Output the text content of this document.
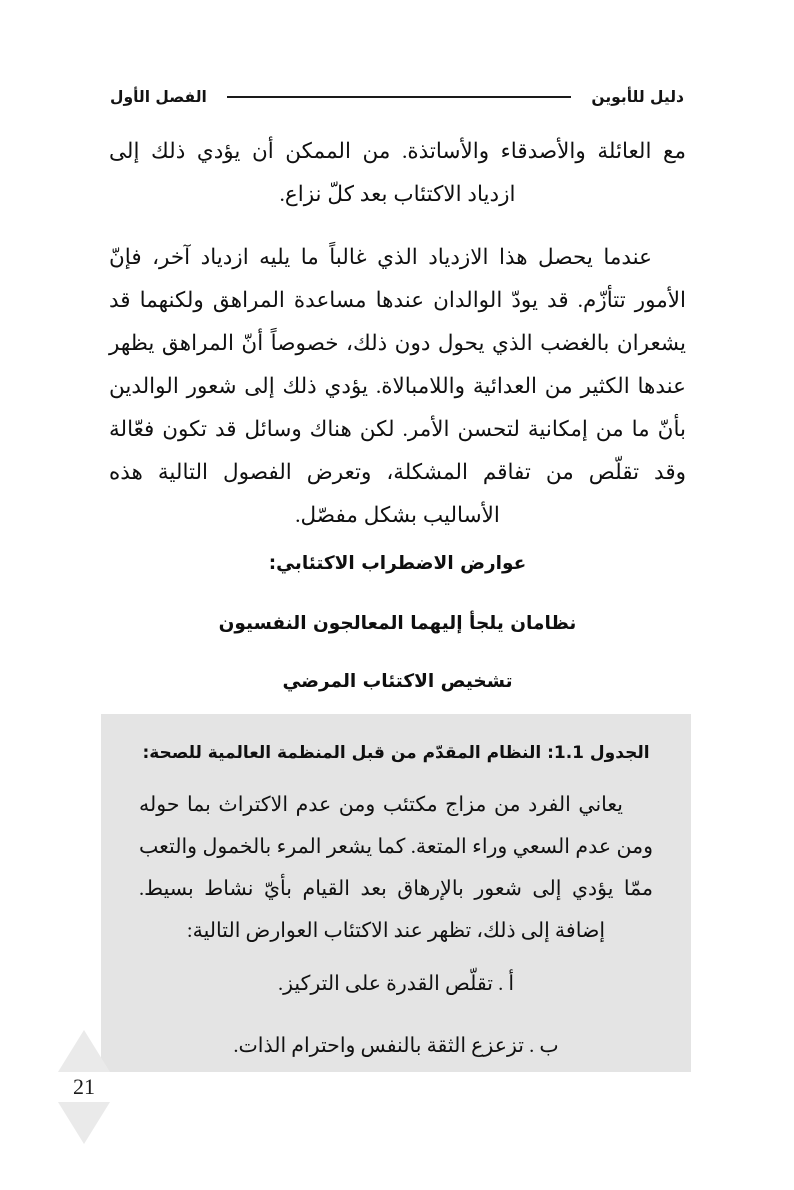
دليل للأبوين
الفصل الأول

مع العائلة والأصدقاء والأساتذة. من الممكن أن يؤدي ذلك إلى ازدياد الاكتئاب بعد كلّ نزاع.

عندما يحصل هذا الازدياد الذي غالباً ما يليه ازدياد آخر، فإنّ الأمور تتأزّم. قد يودّ الوالدان عندها مساعدة المراهق ولكنهما قد يشعران بالغضب الذي يحول دون ذلك، خصوصاً أنّ المراهق يظهر عندها الكثير من العدائية واللامبالاة. يؤدي ذلك إلى شعور الوالدين بأنّ ما من إمكانية لتحسن الأمر. لكن هناك وسائل قد تكون فعّالة وقد تقلّص من تفاقم المشكلة، وتعرض الفصول التالية هذه الأساليب بشكل مفصّل.

عوارض الاضطراب الاكتئابي:
نظامان يلجأ إليهما المعالجون النفسيون
تشخيص الاكتئاب المرضي

الجدول 1.1: النظام المقدّم من قبل المنظمة العالمية للصحة:

يعاني الفرد من مزاج مكتئب ومن عدم الاكتراث بما حوله ومن عدم السعي وراء المتعة. كما يشعر المرء بالخمول والتعب ممّا يؤدي إلى شعور بالإرهاق بعد القيام بأيّ نشاط بسيط. إضافة إلى ذلك، تظهر عند الاكتئاب العوارض التالية:

أ . تقلّص القدرة على التركيز.
ب . تزعزع الثقة بالنفس واحترام الذات.
21
